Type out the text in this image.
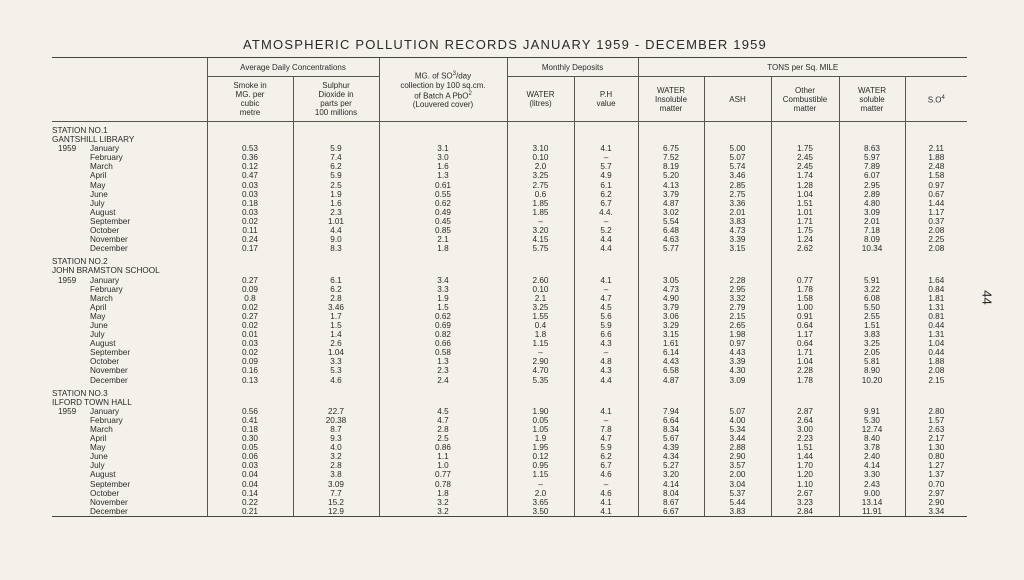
ATMOSPHERIC POLLUTION RECORDS JANUARY 1959 - DECEMBER 1959
44
	Average Daily Concentrations		MG. of $SO^3$/day
collection by 100 sq.cm.
of Batch A PbO$^2$
(Louvered cover)	Monthly Deposits		TONS per Sq. MILE				
	Smoke in
MG. per
cubic
metre	Sulphur
Dioxide in
parts per
100 millions		WATER
(litres)	P.H
value	WATER
Insoluble
matter	ASH	Other
Combustible
matter	WATER
soluble
matter	$S.O^4$

STATION NO.1										
GANTSHILL LIBRARY										
1959 January	0.53	5.9	3.1	3.10	4.1	6.75	5.00	1.75	8.63	2.11
February	0.36	7.4	3.0	0.10	–	7.52	5.07	2.45	5.97	1.88
March	0.12	6.2	1.6	2.0	5.7	8.19	5.74	2.45	7.89	2.48
April	0.47	5.9	1.3	3.25	4.9	5.20	3.46	1.74	6.07	1.58
May	0.03	2.5	0.61	2.75	6.1	4.13	2.85	1.28	2.95	0.97
June	0.03	1.9	0.55	0.6	6.2	3.79	2.75	1.04	2.89	0.67
July	0.18	1.6	0.62	1.85	6.7	4.87	3.36	1.51	4.80	1.44
August	0.03	2.3	0.49	1.85	4.4.	3.02	2.01	1.01	3.09	1.17
September	0.02	1.01	0.45	–	–	5.54	3.83	1.71	2.01	0.37
October	0.11	4.4	0.85	3.20	5.2	6.48	4.73	1.75	7.18	2.08
November	0.24	9.0	2.1	4.15	4.4	4.63	3.39	1.24	8.09	2.25
December	0.17	8.3	1.8	5.75	4.4	5.77	3.15	2.62	10.34	2.08

STATION NO.2										
JOHN BRAMSTON SCHOOL										
1959 January	0.27	6.1	3.4	2.60	4.1	3.05	2.28	0.77	5.91	1.64
February	0.09	6.2	3.3	0.10	–	4.73	2.95	1.78	3.22	0.84
March	0.8	2.8	1.9	2.1	4.7	4.90	3.32	1.58	6.08	1.81
April	0.02	3.46	1.5	3.25	4.5	3.79	2.79	1.00	5.50	1.31
May	0.27	1.7	0.62	1.55	5.6	3.06	2.15	0.91	2.55	0.81
June	0.02	1.5	0.69	0.4	5.9	3.29	2.65	0.64	1.51	0.44
July	0.01	1.4	0.82	1.8	6.6	3.15	1.98	1.17	3.83	1.31
August	0.03	2.6	0.66	1.15	4.3	1.61	0.97	0.64	3.25	1.04
September	0.02	1.04	0.58	–	–	6.14	4.43	1.71	2.05	0.44
October	0.09	3.3	1.3	2.90	4.8	4.43	3.39	1.04	5.81	1.88
November	0.16	5.3	2.3	4.70	4.3	6.58	4.30	2.28	8.90	2.08
December	0.13	4.6	2.4	5.35	4.4	4.87	3.09	1.78	10.20	2.15

STATION NO.3										
ILFORD TOWN HALL										
1959 January	0.56	22.7	4.5	1.90	4.1	7.94	5.07	2.87	9.91	2.80
February	0.41	20.38	4.7	0.05	–	6.64	4.00	2.64	5.30	1.57
March	0.18	8.7	2.8	1.05	7.8	8.34	5.34	3.00	12.74	2.63
April	0.30	9.3	2.5	1.9	4.7	5.67	3.44	2.23	8.40	2.17
May	0.05	4.0	0.86	1.95	5.9	4.39	2.88	1.51	3.78	1.30
June	0.06	3.2	1.1	0.12	6.2	4.34	2.90	1.44	2.40	0.80
July	0.03	2.8	1.0	0.95	6.7	5.27	3.57	1.70	4.14	1.27
August	0.04	3.8	0.77	1.15	4.6	3.20	2.00	1.20	3.30	1.37
September	0.04	3.09	0.78	–	–	4.14	3.04	1.10	2.43	0.70
October	0.14	7.7	1.8	2.0	4.6	8.04	5.37	2.67	9.00	2.97
November	0.22	15.2	3.2	3.65	4.1	8.67	5.44	3.23	13.14	2.90
December	0.21	12.9	3.2	3.50	4.1	6.67	3.83	2.84	11.91	3.34
